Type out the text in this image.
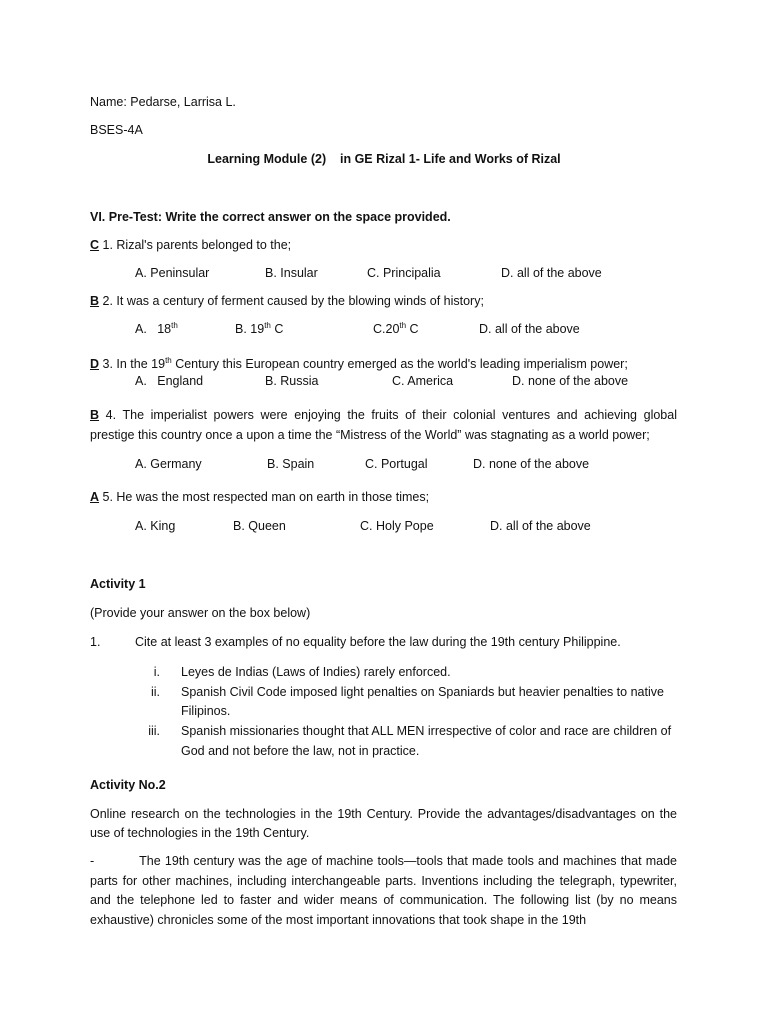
Name: Pedarse, Larrisa L.
BSES-4A
Learning Module (2)    in GE Rizal 1- Life and Works of Rizal
VI. Pre-Test: Write the correct answer on the space provided.
C 1. Rizal's parents belonged to the;
A. Peninsular	B. Insular	C. Principalia	D. all of the above
B 2. It was a century of ferment caused by the blowing winds of history;
A.   18th	B. 19th C	C.20th C	D. all of the above
D 3. In the 19th Century this European country emerged as the world's leading imperialism power;
A.   England	B. Russia	C. America	D. none of the above
B 4. The imperialist powers were enjoying the fruits of their colonial ventures and achieving global prestige this country once a upon a time the “Mistress of the World” was stagnating as a world power;
A. Germany	B. Spain	C. Portugal	D. none of the above
A 5. He was the most respected man on earth in those times;
A. King	B. Queen	C. Holy Pope	D. all of the above
Activity 1
(Provide your answer on the box below)
1.	Cite at least 3 examples of no equality before the law during the 19th century Philippine.
i. Leyes de Indias (Laws of Indies) rarely enforced.
ii. Spanish Civil Code imposed light penalties on Spaniards but heavier penalties to native
Filipinos.
iii. Spanish missionaries thought that ALL MEN irrespective of color and race are children of
God and not before the law, not in practice.
Activity No.2
Online research on the technologies in the 19th Century. Provide the advantages/disadvantages on the use of technologies in the 19th Century.
-	The 19th century was the age of machine tools—tools that made tools and machines that made parts for other machines, including interchangeable parts. Inventions including the telegraph, typewriter, and the telephone led to faster and wider means of communication. The following list (by no means exhaustive) chronicles some of the most important innovations that took shape in the 19th
